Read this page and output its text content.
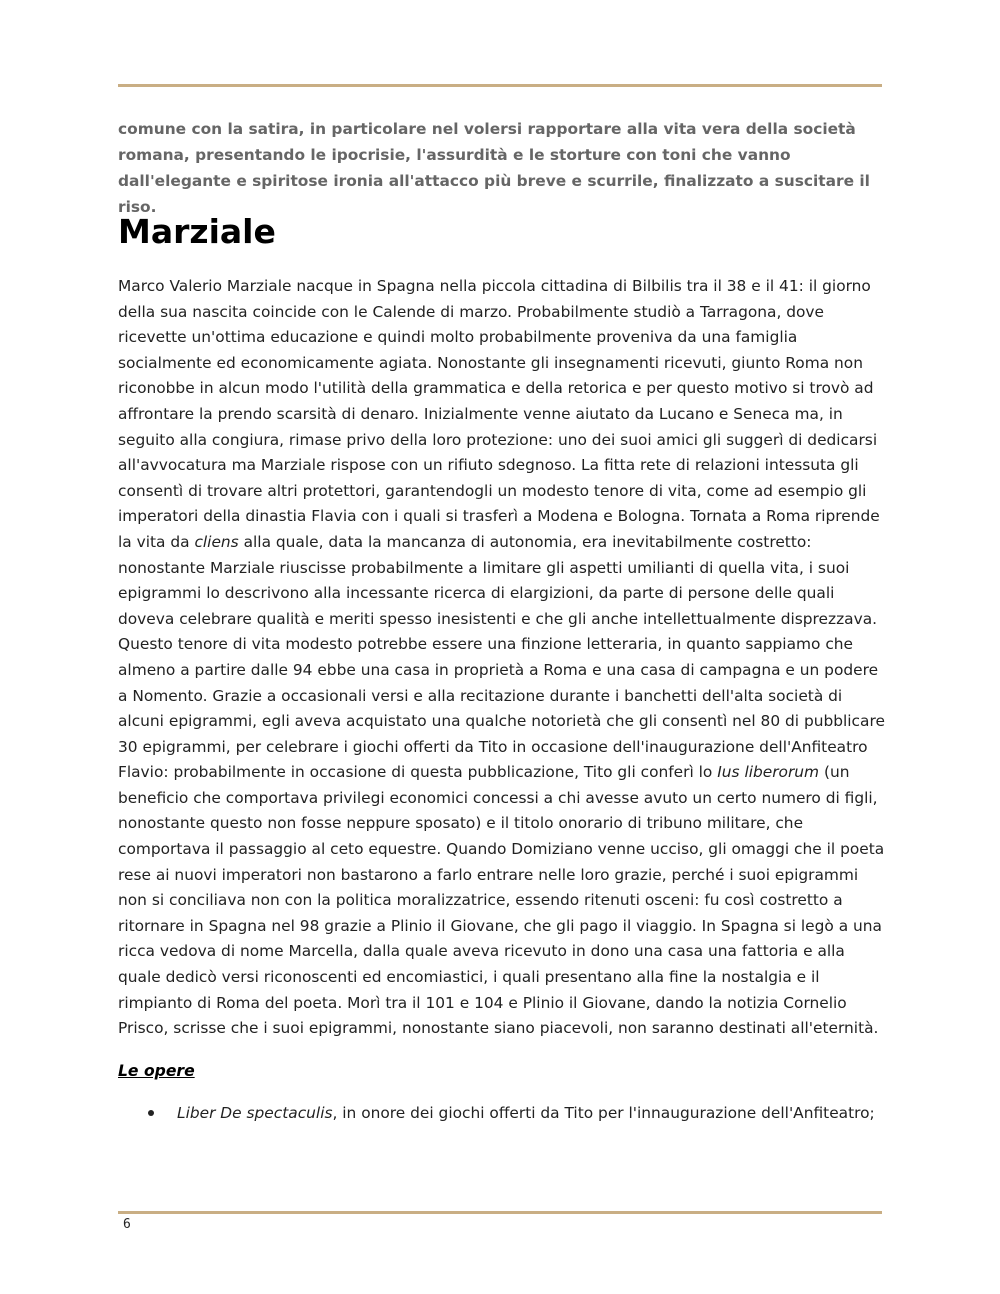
comune con la satira, in particolare nel volersi rapportare alla vita vera della società romana, presentando le ipocrisie, l'assurdità e le storture con toni che vanno dall'elegante e spiritose ironia all'attacco più breve e scurrile, finalizzato a suscitare il riso.

Marziale

Marco Valerio Marziale nacque in Spagna nella piccola cittadina di Bilbilis tra il 38 e il 41: il giorno della sua nascita coincide con le Calende di marzo. Probabilmente studiò a Tarragona, dove ricevette un'ottima educazione e quindi molto probabilmente proveniva da una famiglia socialmente ed economicamente agiata. Nonostante gli insegnamenti ricevuti, giunto Roma non riconobbe in alcun modo l'utilità della grammatica e della retorica e per questo motivo si trovò ad affrontare la prendo scarsità di denaro. Inizialmente venne aiutato da Lucano e Seneca ma, in seguito alla congiura, rimase privo della loro protezione: uno dei suoi amici gli suggerì di dedicarsi all'avvocatura ma Marziale rispose con un rifiuto sdegnoso. La fitta rete di relazioni intessuta gli consentì di trovare altri protettori, garantendogli un modesto tenore di vita, come ad esempio gli imperatori della dinastia Flavia con i quali si trasferì a Modena e Bologna. Tornata a Roma riprende la vita da cliens alla quale, data la mancanza di autonomia, era inevitabilmente costretto: nonostante Marziale riuscisse probabilmente a limitare gli aspetti umilianti di quella vita, i suoi epigrammi lo descrivono alla incessante ricerca di elargizioni, da parte di persone delle quali doveva celebrare qualità e meriti spesso inesistenti e che gli anche intellettualmente disprezzava. Questo tenore di vita modesto potrebbe essere una finzione letteraria, in quanto sappiamo che almeno a partire dalle 94 ebbe una casa in proprietà a Roma e una casa di campagna e un podere a Nomento. Grazie a occasionali versi e alla recitazione durante i banchetti dell'alta società di alcuni epigrammi, egli aveva acquistato una qualche notorietà che gli consentì nel 80 di pubblicare 30 epigrammi, per celebrare i giochi offerti da Tito in occasione dell'inaugurazione dell'Anfiteatro Flavio: probabilmente in occasione di questa pubblicazione, Tito gli conferì lo Ius liberorum (un beneficio che comportava privilegi economici concessi a chi avesse avuto un certo numero di figli, nonostante questo non fosse neppure sposato) e il titolo onorario di tribuno militare, che comportava il passaggio al ceto equestre. Quando Domiziano venne ucciso, gli omaggi che il poeta rese ai nuovi imperatori non bastarono a farlo entrare nelle loro grazie, perché i suoi epigrammi non si conciliava non con la politica moralizzatrice, essendo ritenuti osceni: fu così costretto a ritornare in Spagna nel 98 grazie a Plinio il Giovane, che gli pago il viaggio. In Spagna si legò a una ricca vedova di nome Marcella, dalla quale aveva ricevuto in dono una casa una fattoria e alla quale dedicò versi riconoscenti ed encomiastici, i quali presentano alla fine la nostalgia e il rimpianto di Roma del poeta. Morì tra il 101 e 104 e Plinio il Giovane, dando la notizia Cornelio Prisco, scrisse che i suoi epigrammi, nonostante siano piacevoli, non saranno destinati all'eternità.

Le opere

Liber De spectaculis, in onore dei giochi offerti da Tito per l'innaugurazione dell'Anfiteatro;
6
